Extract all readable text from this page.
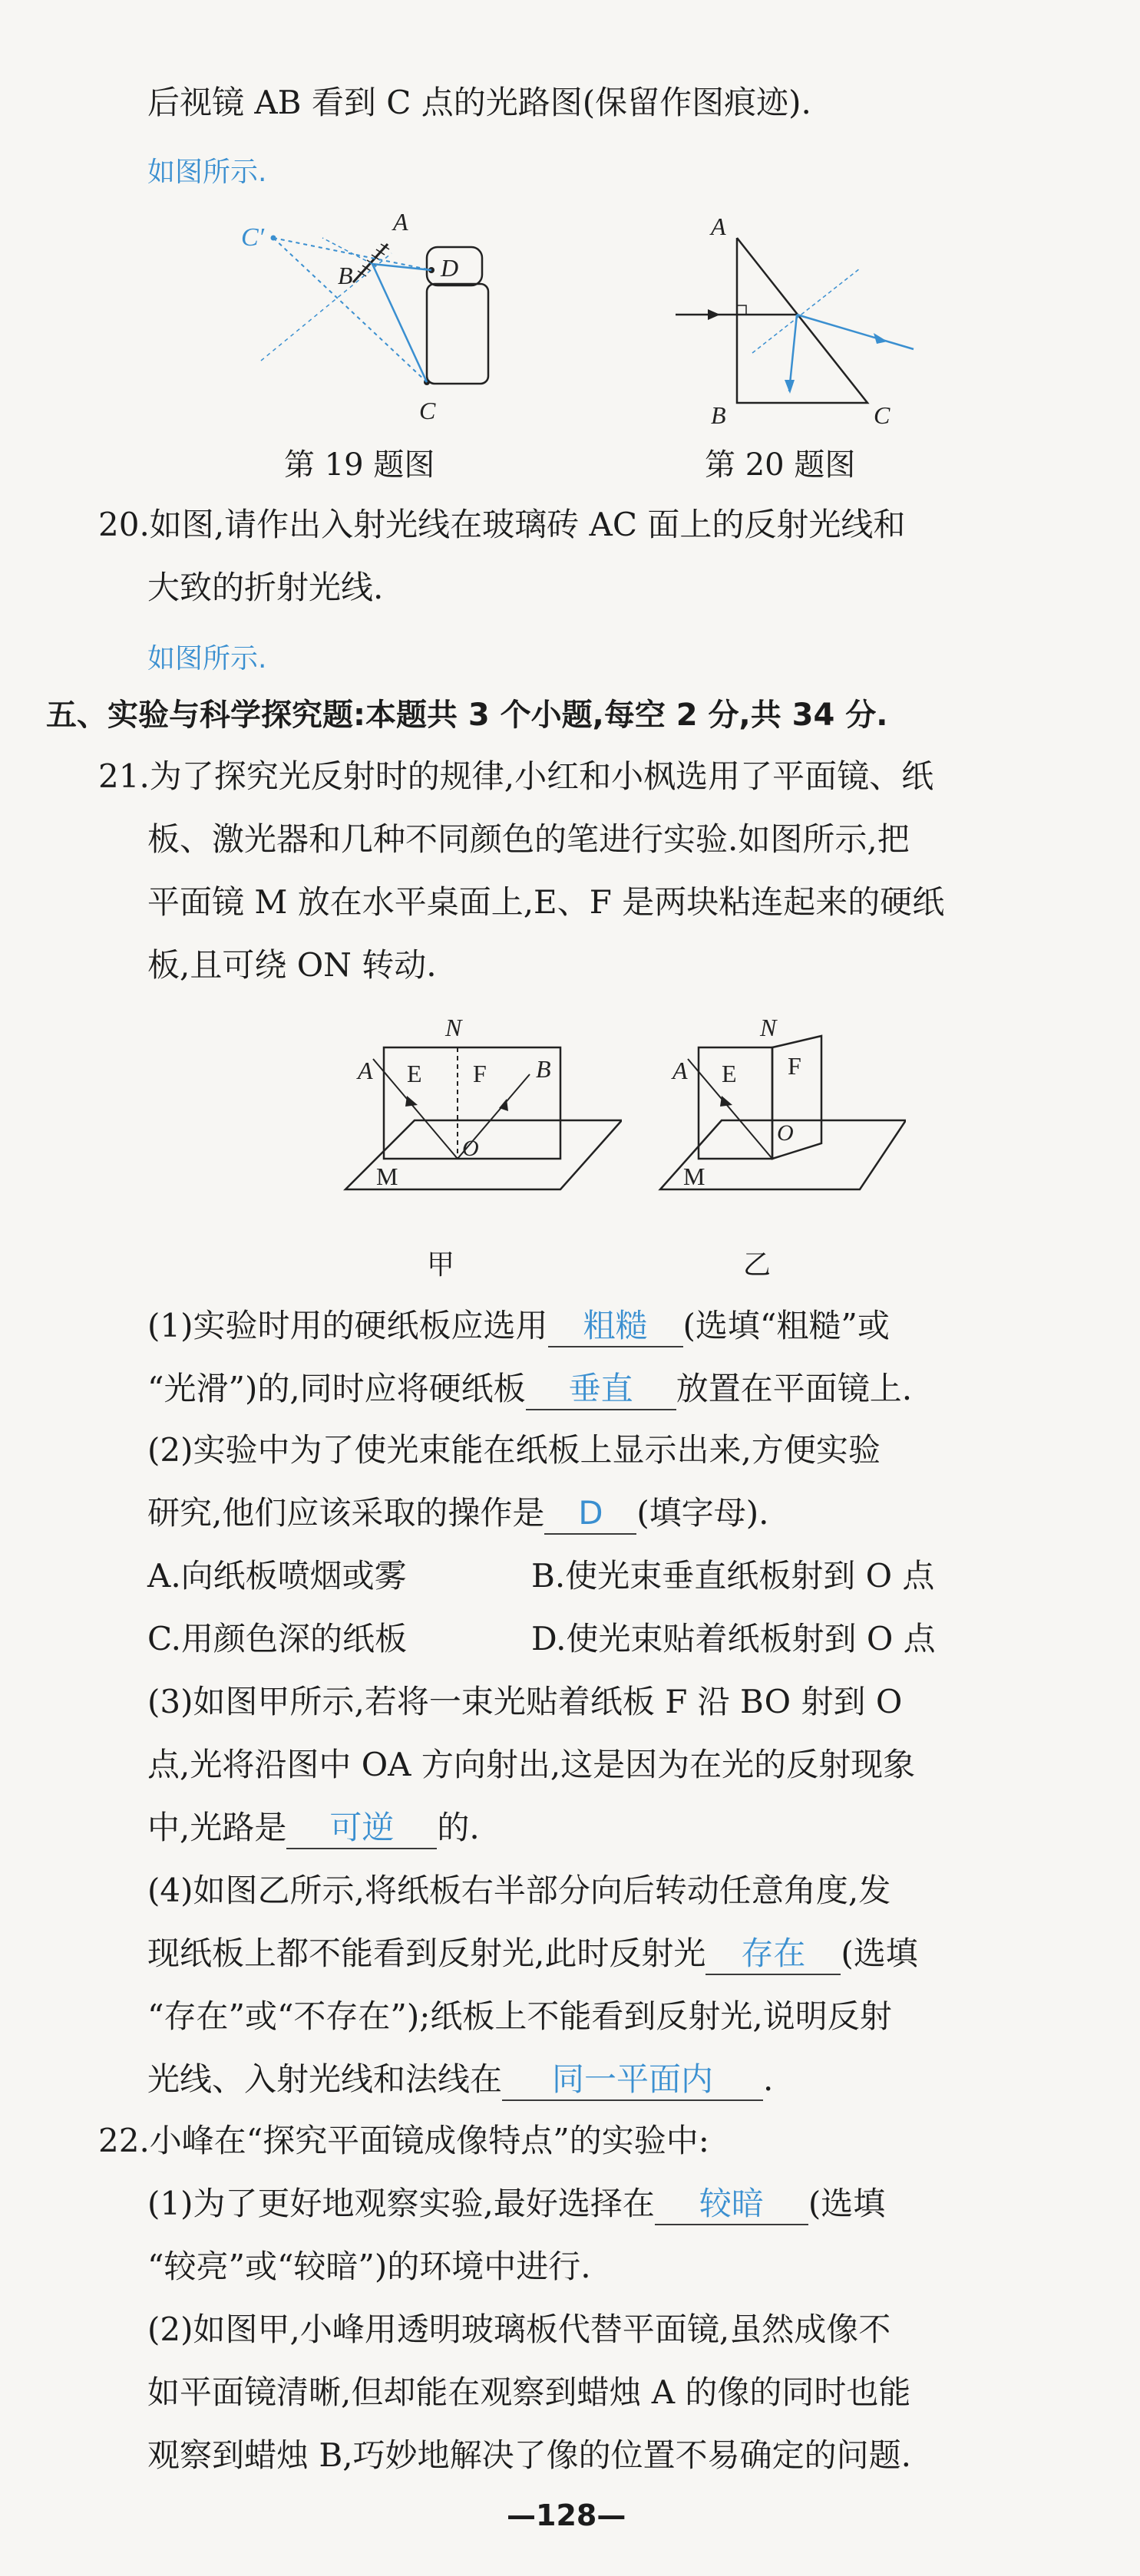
后视镜 AB 看到 C 点的光路图(保留作图痕迹).
如图所示.
C′
A
B	D
C
第 19 题图
A
B	C
第 20 题图
20.如图,请作出入射光线在玻璃砖 AC 面上的反射光线和
大致的折射光线.
如图所示.
五、实验与科学探究题:本题共 3 个小题,每空 2 分,共 34 分.
21.为了探究光反射时的规律,小红和小枫选用了平面镜、纸
板、激光器和几种不同颜色的笔进行实验.如图所示,把
平面镜 M 放在水平桌面上,E、F 是两块粘连起来的硬纸
板,且可绕 ON 转动.
N
E F
A	B
O
M
甲
N
E F
A
O
M
乙
(1)实验时用的硬纸板应选用 粗糙 (选填“粗糙”或
“光滑”)的,同时应将硬纸板 垂直 放置在平面镜上.
(2)实验中为了使光束能在纸板上显示出来,方便实验
研究,他们应该采取的操作是 D (填字母).
A.向纸板喷烟或雾	B.使光束垂直纸板射到 O 点
C.用颜色深的纸板	D.使光束贴着纸板射到 O 点
(3)如图甲所示,若将一束光贴着纸板 F 沿 BO 射到 O
点,光将沿图中 OA 方向射出,这是因为在光的反射现象
中,光路是 可逆 的.
(4)如图乙所示,将纸板右半部分向后转动任意角度,发
现纸板上都不能看到反射光,此时反射光 存在 (选填
“存在”或“不存在”);纸板上不能看到反射光,说明反射
光线、入射光线和法线在 同一平面内 .
22.小峰在“探究平面镜成像特点”的实验中:
(1)为了更好地观察实验,最好选择在 较暗 (选填
“较亮”或“较暗”)的环境中进行.
(2)如图甲,小峰用透明玻璃板代替平面镜,虽然成像不
如平面镜清晰,但却能在观察到蜡烛 A 的像的同时也能
观察到蜡烛 B,巧妙地解决了像的位置不易确定的问题.
—128—
